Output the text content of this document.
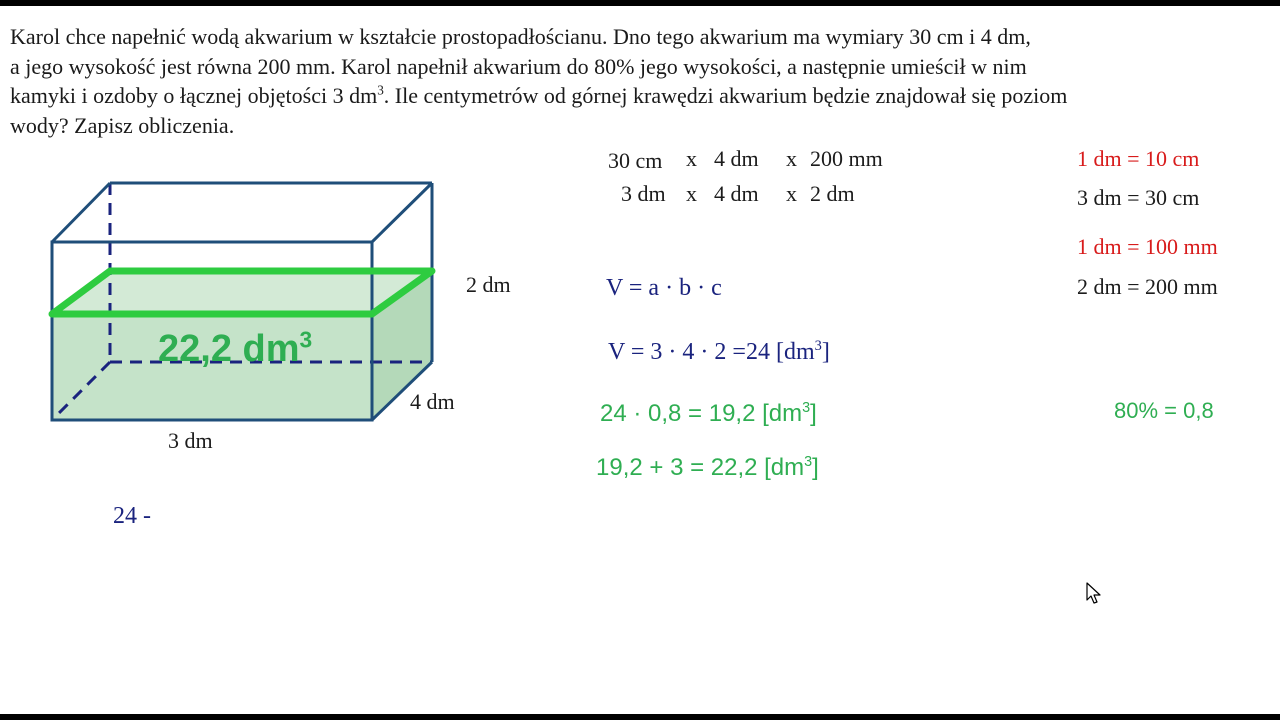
Karol chce napełnić wodą akwarium w kształcie prostopadłościanu. Dno tego akwarium ma wymiary 30 cm i 4 dm,
a jego wysokość jest równa 200 mm. Karol napełnił akwarium do 80% jego wysokości, a następnie umieścił w nim
kamyki i ozdoby o łącznej objętości 3 $dm^3$. Ile centymetrów od górnej krawędzi akwarium będzie znajdował się poziom
wody? Zapisz obliczenia.
22,2 $dm^3$
2 dm
4 dm
3 dm
30 cm x 4 dm x 200 mm
3 dm x 4 dm x 2 dm
1 dm = 10 cm
3 dm = 30 cm
1 dm = 100 mm
2 dm = 200 mm
80% = 0,8
V = a · b · c
V = 3 · 4 · 2 =24 $[dm^3]$
24 · 0,8 = 19,2 $[dm^3]$
19,2 + 3 = 22,2 $[dm^3]$
24 -
